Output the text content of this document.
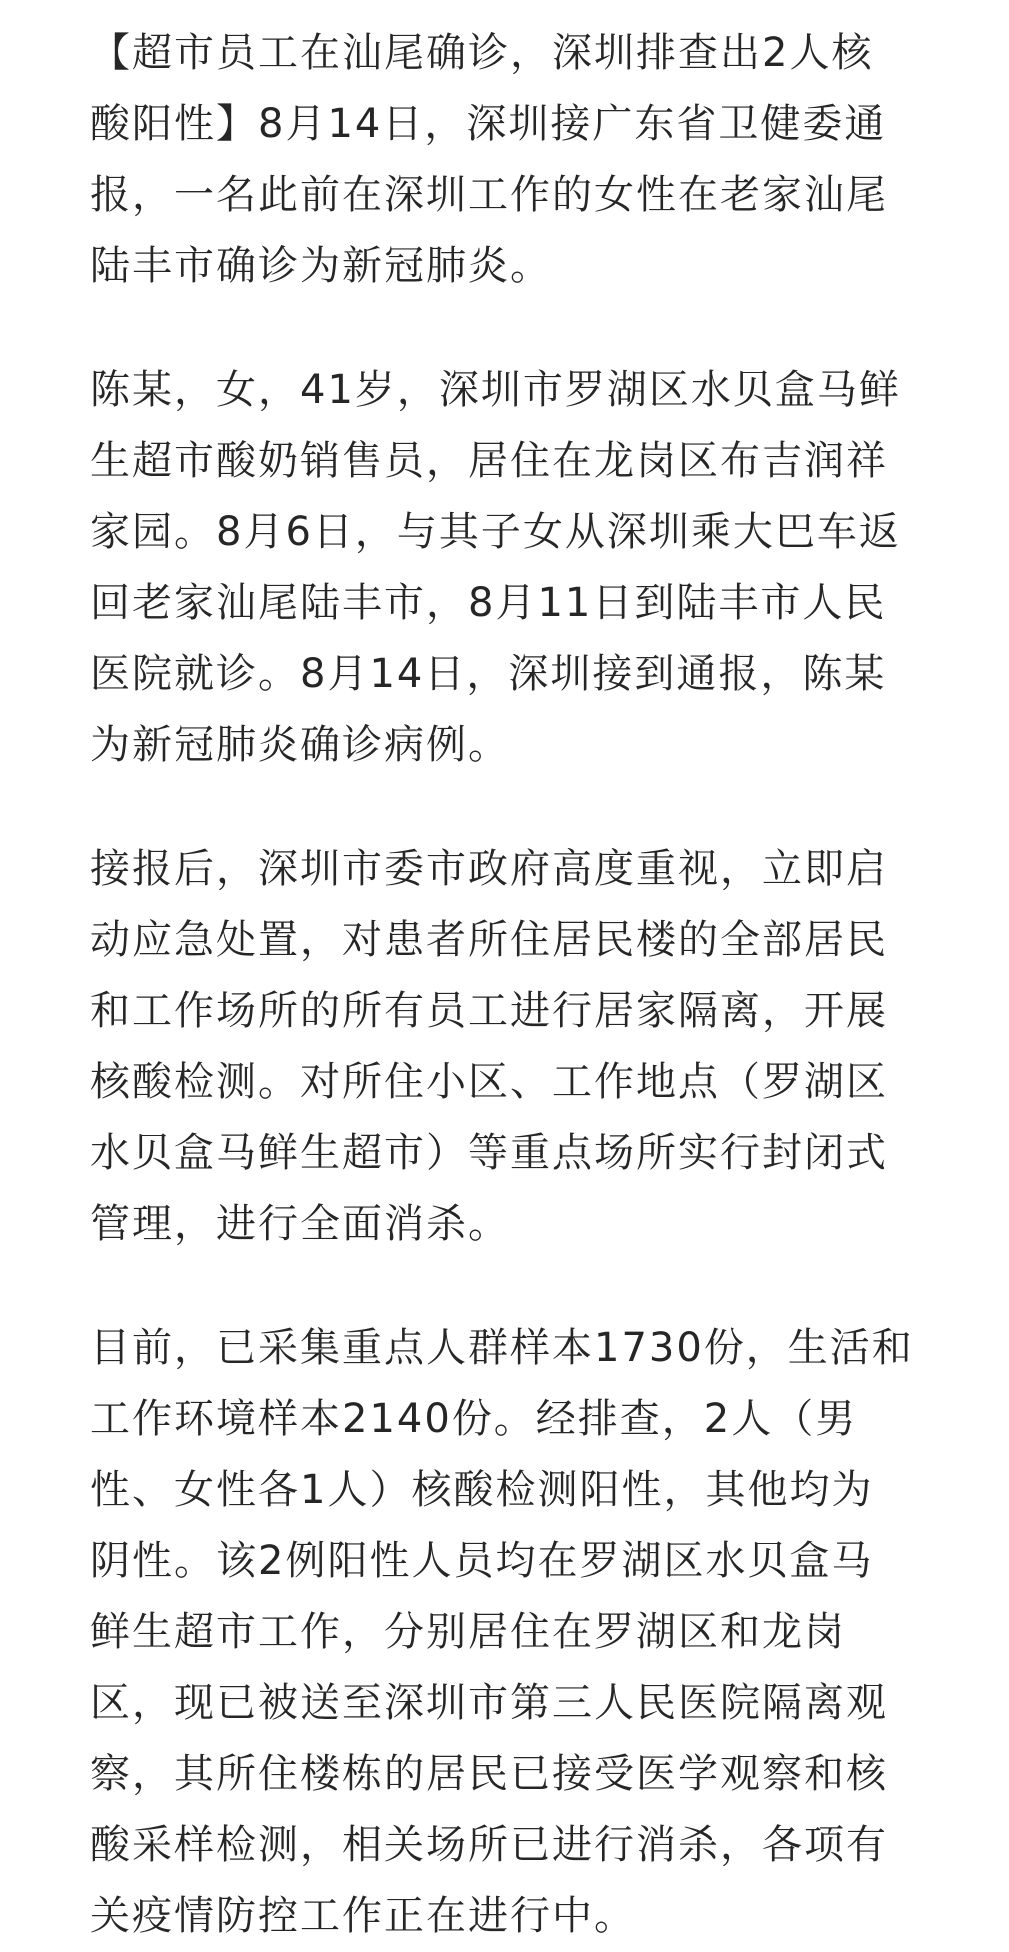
【超市员工在汕尾确诊，深圳排查出2人核酸阳性】8月14日，深圳接广东省卫健委通报，一名此前在深圳工作的女性在老家汕尾陆丰市确诊为新冠肺炎。

陈某，女，41岁，深圳市罗湖区水贝盒马鲜生超市酸奶销售员，居住在龙岗区布吉润祥家园。8月6日，与其子女从深圳乘大巴车返回老家汕尾陆丰市，8月11日到陆丰市人民医院就诊。8月14日，深圳接到通报，陈某为新冠肺炎确诊病例。

接报后，深圳市委市政府高度重视，立即启动应急处置，对患者所住居民楼的全部居民和工作场所的所有员工进行居家隔离，开展核酸检测。对所住小区、工作地点（罗湖区水贝盒马鲜生超市）等重点场所实行封闭式管理，进行全面消杀。

目前，已采集重点人群样本1730份，生活和工作环境样本2140份。经排查，2人（男性、女性各1人）核酸检测阳性，其他均为阴性。该2例阳性人员均在罗湖区水贝盒马鲜生超市工作，分别居住在罗湖区和龙岗区，现已被送至深圳市第三人民医院隔离观察，其所住楼栋的居民已接受医学观察和核酸采样检测，相关场所已进行消杀，各项有关疫情防控工作正在进行中。
